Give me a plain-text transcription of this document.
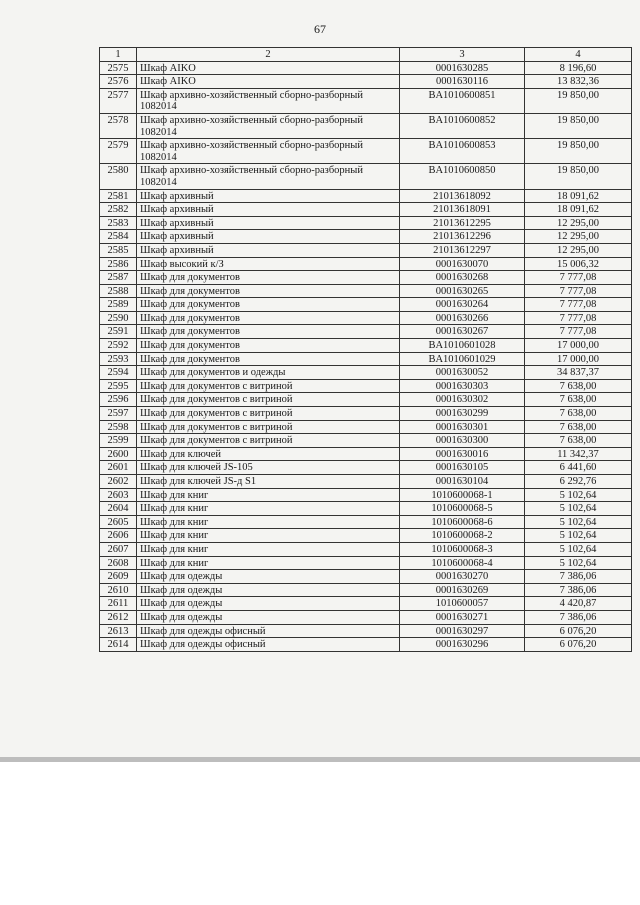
67
1	2	3	4
2575	Шкаф AIKO	0001630285	8 196,60
2576	Шкаф AIKO	0001630116	13 832,36
2577	Шкаф архивно-хозяйственный сборно-разборный 1082014	BA1010600851	19 850,00
2578	Шкаф архивно-хозяйственный сборно-разборный 1082014	BA1010600852	19 850,00
2579	Шкаф архивно-хозяйственный сборно-разборный 1082014	BA1010600853	19 850,00
2580	Шкаф архивно-хозяйственный сборно-разборный 1082014	BA1010600850	19 850,00
2581	Шкаф архивный	21013618092	18 091,62
2582	Шкаф архивный	21013618091	18 091,62
2583	Шкаф архивный	21013612295	12 295,00
2584	Шкаф архивный	21013612296	12 295,00
2585	Шкаф архивный	21013612297	12 295,00
2586	Шкаф высокий к/З	0001630070	15 006,32
2587	Шкаф для документов	0001630268	7 777,08
2588	Шкаф для документов	0001630265	7 777,08
2589	Шкаф для документов	0001630264	7 777,08
2590	Шкаф для документов	0001630266	7 777,08
2591	Шкаф для документов	0001630267	7 777,08
2592	Шкаф для документов	BA1010601028	17 000,00
2593	Шкаф для документов	BA1010601029	17 000,00
2594	Шкаф для документов и одежды	0001630052	34 837,37
2595	Шкаф для документов с витриной	0001630303	7 638,00
2596	Шкаф для документов с витриной	0001630302	7 638,00
2597	Шкаф для документов с витриной	0001630299	7 638,00
2598	Шкаф для документов с витриной	0001630301	7 638,00
2599	Шкаф для документов с витриной	0001630300	7 638,00
2600	Шкаф для ключей	0001630016	11 342,37
2601	Шкаф для ключей JS-105	0001630105	6 441,60
2602	Шкаф для ключей JS-д S1	0001630104	6 292,76
2603	Шкаф для книг	1010600068-1	5 102,64
2604	Шкаф для книг	1010600068-5	5 102,64
2605	Шкаф для книг	1010600068-6	5 102,64
2606	Шкаф для книг	1010600068-2	5 102,64
2607	Шкаф для книг	1010600068-3	5 102,64
2608	Шкаф для книг	1010600068-4	5 102,64
2609	Шкаф для одежды	0001630270	7 386,06
2610	Шкаф для одежды	0001630269	7 386,06
2611	Шкаф для одежды	1010600057	4 420,87
2612	Шкаф для одежды	0001630271	7 386,06
2613	Шкаф для одежды офисный	0001630297	6 076,20
2614	Шкаф для одежды офисный	0001630296	6 076,20
